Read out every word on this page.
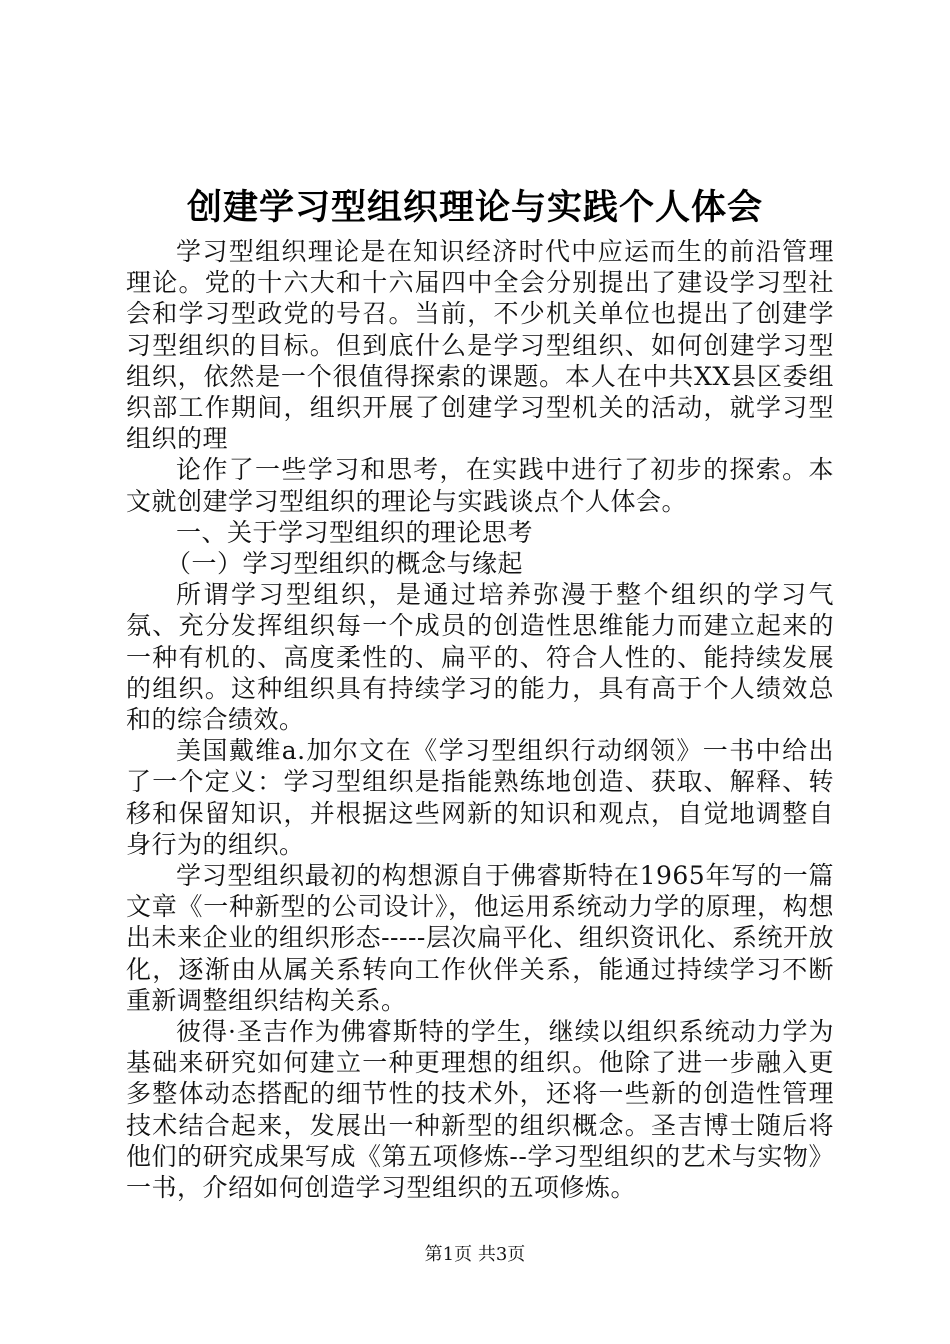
创建学习型组织理论与实践个人体会

学习型组织理论是在知识经济时代中应运而生的前沿管理理论。党的十六大和十六届四中全会分别提出了建设学习型社会和学习型政党的号召。当前，不少机关单位也提出了创建学习型组织的目标。但到底什么是学习型组织、如何创建学习型组织，依然是一个很值得探索的课题。本人在中共XX县区委组织部工作期间，组织开展了创建学习型机关的活动，就学习型组织的理

论作了一些学习和思考，在实践中进行了初步的探索。本文就创建学习型组织的理论与实践谈点个人体会。

一、关于学习型组织的理论思考

（一）学习型组织的概念与缘起

所谓学习型组织，是通过培养弥漫于整个组织的学习气氛、充分发挥组织每一个成员的创造性思维能力而建立起来的一种有机的、高度柔性的、扁平的、符合人性的、能持续发展的组织。这种组织具有持续学习的能力，具有高于个人绩效总和的综合绩效。

美国戴维a.加尔文在《学习型组织行动纲领》一书中给出了一个定义：学习型组织是指能熟练地创造、获取、解释、转移和保留知识，并根据这些网新的知识和观点，自觉地调整自身行为的组织。

学习型组织最初的构想源自于佛睿斯特在1965年写的一篇文章《一种新型的公司设计》，他运用系统动力学的原理，构想出未来企业的组织形态-----层次扁平化、组织资讯化、系统开放化，逐渐由从属关系转向工作伙伴关系，能通过持续学习不断重新调整组织结构关系。

彼得·圣吉作为佛睿斯特的学生，继续以组织系统动力学为基础来研究如何建立一种更理想的组织。他除了进一步融入更多整体动态搭配的细节性的技术外，还将一些新的创造性管理技术结合起来，发展出一种新型的组织概念。圣吉博士随后将他们的研究成果写成《第五项修炼--学习型组织的艺术与实物》一书，介绍如何创造学习型组织的五项修炼。

第1页 共3页
